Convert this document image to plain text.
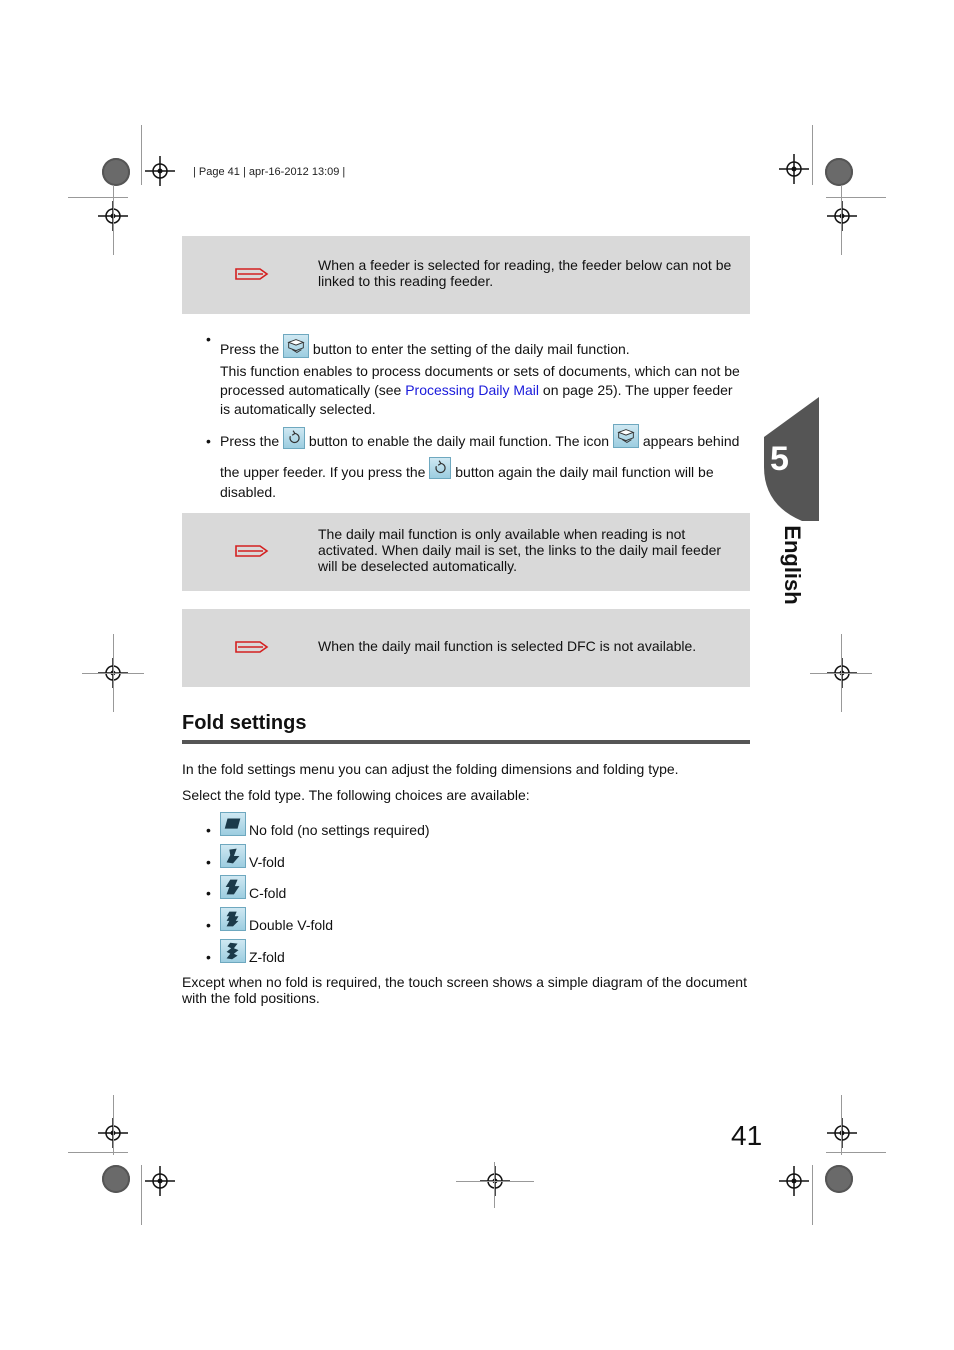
| Page 41 | apr-16-2012 13:09 |
When a feeder is selected for reading, the feeder below can not be linked to this reading feeder.
•
Press the button to enter the setting of the daily mail function.
This function enables to process documents or sets of documents, which can not be
processed automatically (see Processing Daily Mail on page 25). The upper feeder
is automatically selected.
• Press the button to enable the daily mail function. The icon appears behind
the upper feeder. If you press the button again the daily mail function will be
disabled.
The daily mail function is only available when reading is not activated. When daily mail is set, the links to the daily mail feeder will be deselected automatically.
When the daily mail function is selected DFC is not available.
Fold settings
In the fold settings menu you can adjust the folding dimensions and folding type.
Select the fold type. The following choices are available:
•	No fold (no settings required)
•	V-fold
•	C-fold
•	Double V-fold
•	Z-fold
Except when no fold is required, the touch screen shows a simple diagram of the document
with the fold positions.
5
English
41
